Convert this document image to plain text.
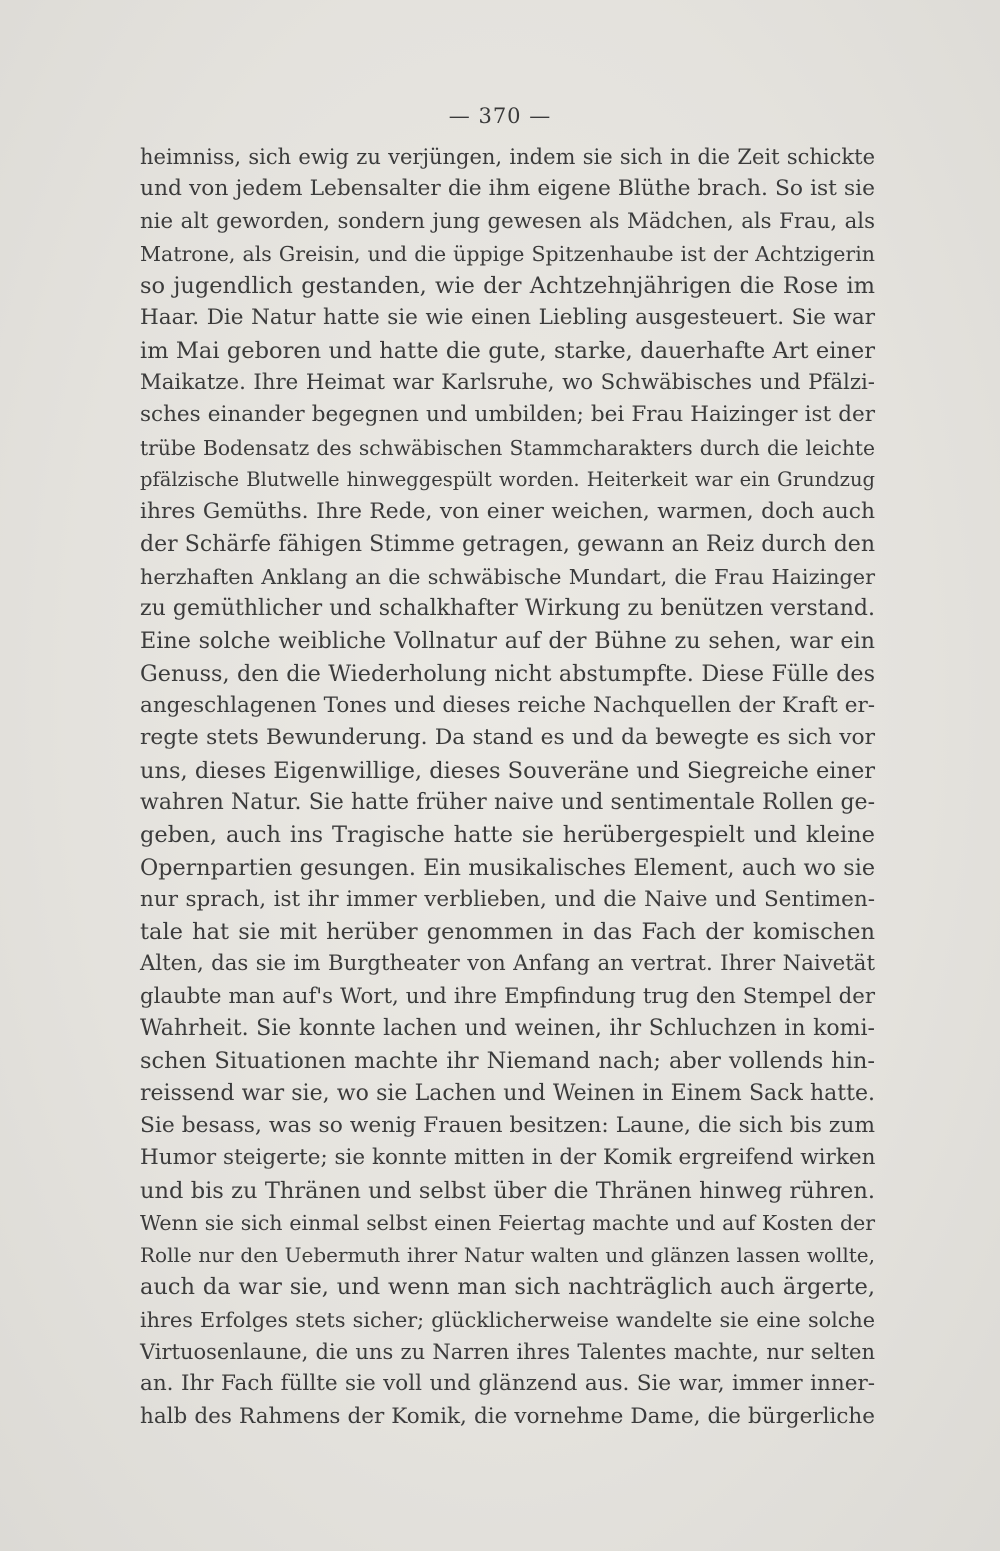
— 370 —
heimniss, sich ewig zu verjüngen, indem sie sich in die Zeit schickte
und von jedem Lebensalter die ihm eigene Blüthe brach. So ist sie
nie alt geworden, sondern jung gewesen als Mädchen, als Frau, als
Matrone, als Greisin, und die üppige Spitzenhaube ist der Achtzigerin
so jugendlich gestanden, wie der Achtzehnjährigen die Rose im
Haar. Die Natur hatte sie wie einen Liebling ausgesteuert. Sie war
im Mai geboren und hatte die gute, starke, dauerhafte Art einer
Maikatze. Ihre Heimat war Karlsruhe, wo Schwäbisches und Pfälzi-
sches einander begegnen und umbilden; bei Frau Haizinger ist der
trübe Bodensatz des schwäbischen Stammcharakters durch die leichte
pfälzische Blutwelle hinweggespült worden. Heiterkeit war ein Grundzug
ihres Gemüths. Ihre Rede, von einer weichen, warmen, doch auch
der Schärfe fähigen Stimme getragen, gewann an Reiz durch den
herzhaften Anklang an die schwäbische Mundart, die Frau Haizinger
zu gemüthlicher und schalkhafter Wirkung zu benützen verstand.
Eine solche weibliche Vollnatur auf der Bühne zu sehen, war ein
Genuss, den die Wiederholung nicht abstumpfte. Diese Fülle des
angeschlagenen Tones und dieses reiche Nachquellen der Kraft er-
regte stets Bewunderung. Da stand es und da bewegte es sich vor
uns, dieses Eigenwillige, dieses Souveräne und Siegreiche einer
wahren Natur. Sie hatte früher naive und sentimentale Rollen ge-
geben, auch ins Tragische hatte sie herübergespielt und kleine
Opernpartien gesungen. Ein musikalisches Element, auch wo sie
nur sprach, ist ihr immer verblieben, und die Naive und Sentimen-
tale hat sie mit herüber genommen in das Fach der komischen
Alten, das sie im Burgtheater von Anfang an vertrat. Ihrer Naivetät
glaubte man auf's Wort, und ihre Empfindung trug den Stempel der
Wahrheit. Sie konnte lachen und weinen, ihr Schluchzen in komi-
schen Situationen machte ihr Niemand nach; aber vollends hin-
reissend war sie, wo sie Lachen und Weinen in Einem Sack hatte.
Sie besass, was so wenig Frauen besitzen: Laune, die sich bis zum
Humor steigerte; sie konnte mitten in der Komik ergreifend wirken
und bis zu Thränen und selbst über die Thränen hinweg rühren.
Wenn sie sich einmal selbst einen Feiertag machte und auf Kosten der
Rolle nur den Uebermuth ihrer Natur walten und glänzen lassen wollte,
auch da war sie, und wenn man sich nachträglich auch ärgerte,
ihres Erfolges stets sicher; glücklicherweise wandelte sie eine solche
Virtuosenlaune, die uns zu Narren ihres Talentes machte, nur selten
an. Ihr Fach füllte sie voll und glänzend aus. Sie war, immer inner-
halb des Rahmens der Komik, die vornehme Dame, die bürgerliche
